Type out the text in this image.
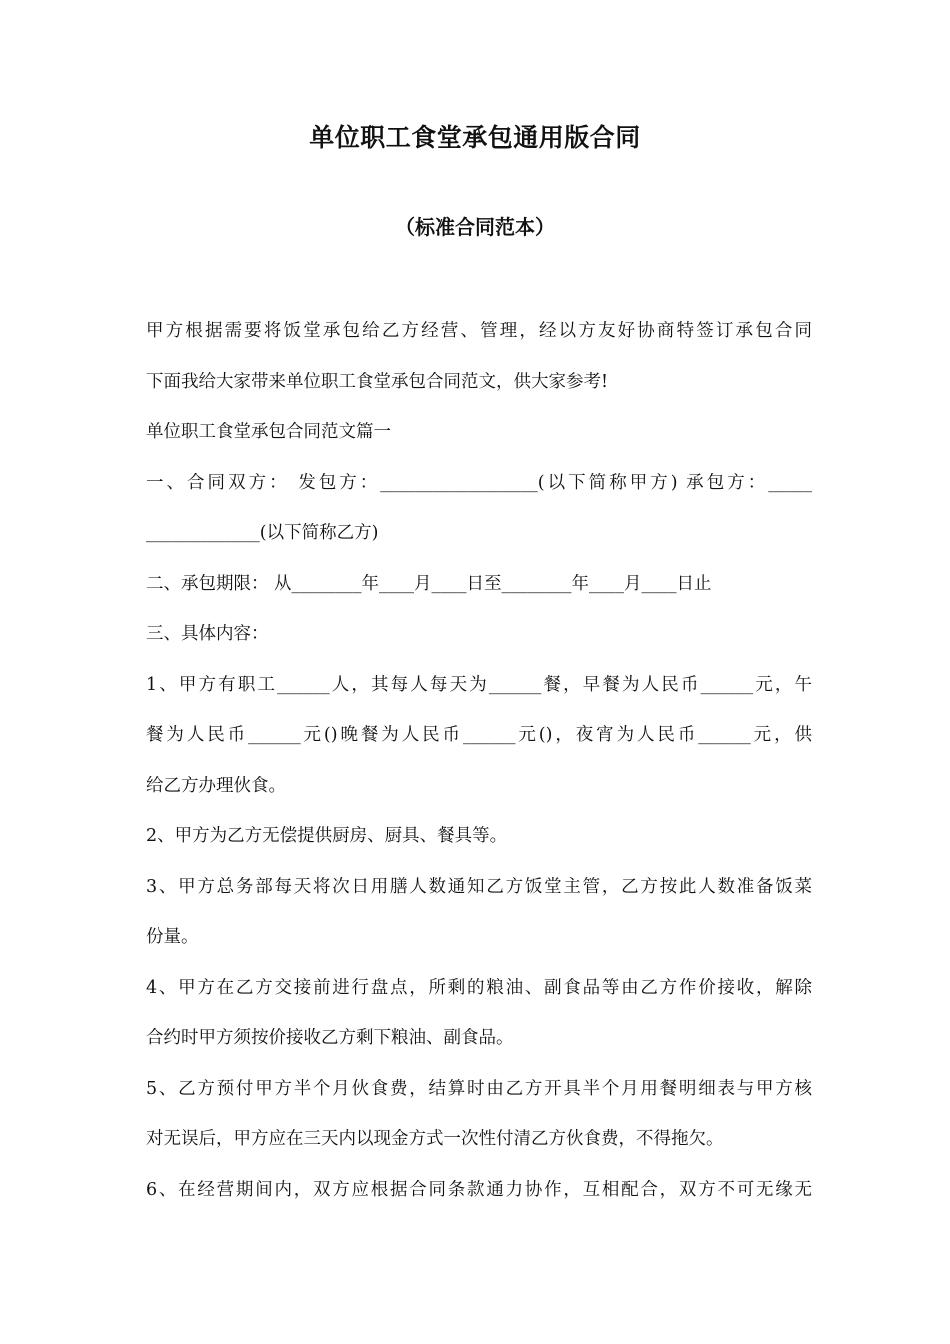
单位职工食堂承包通用版合同
（标准合同范本）
甲方根据需要将饭堂承包给乙方经营、管理，经以方友好协商特签订承包合同
下面我给大家带来单位职工食堂承包合同范文，供大家参考!
单位职工食堂承包合同范文篇一
一、合同双方： 发包方：__________________(以下简称甲方) 承包方：_____
_____________(以下简称乙方)
二、承包期限： 从________年____月____日至________年____月____日止
三、具体内容：
1、甲方有职工______人，其每人每天为______餐，早餐为人民币______元，午
餐为人民币______元()晚餐为人民币______元()，夜宵为人民币______元，供
给乙方办理伙食。
2、甲方为乙方无偿提供厨房、厨具、餐具等。
3、甲方总务部每天将次日用膳人数通知乙方饭堂主管，乙方按此人数准备饭菜
份量。
4、甲方在乙方交接前进行盘点，所剩的粮油、副食品等由乙方作价接收，解除
合约时甲方须按价接收乙方剩下粮油、副食品。
5、乙方预付甲方半个月伙食费，结算时由乙方开具半个月用餐明细表与甲方核
对无误后，甲方应在三天内以现金方式一次性付清乙方伙食费，不得拖欠。
6、在经营期间内，双方应根据合同条款通力协作，互相配合，双方不可无缘无
